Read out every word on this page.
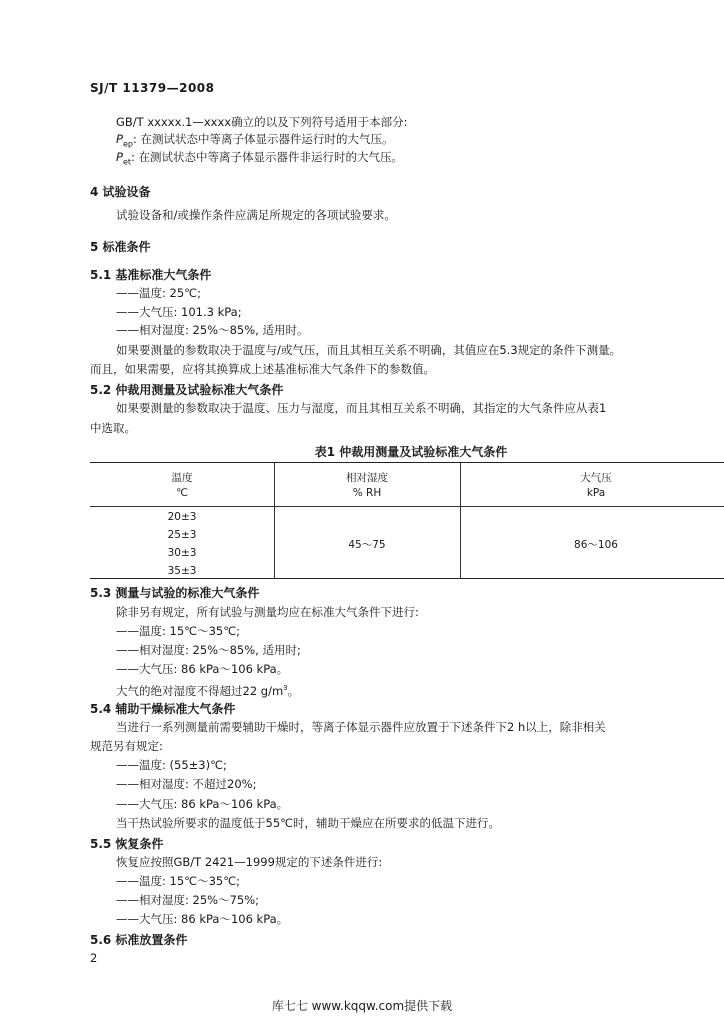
SJ/T 11379—2008
GB/T xxxxx.1—xxxx确立的以及下列符号适用于本部分:
$P_{ep}$: 在测试状态中等离子体显示器件运行时的大气压。
$P_{et}$: 在测试状态中等离子体显示器件非运行时的大气压。
4 试验设备
试验设备和/或操作条件应满足所规定的各项试验要求。
5 标准条件
5.1 基准标准大气条件
——温度: 25℃;
——大气压: 101.3 kPa;
——相对湿度: 25%～85%, 适用时。
如果要测量的参数取决于温度与/或气压，而且其相互关系不明确，其值应在5.3规定的条件下测量。
而且，如果需要，应将其换算成上述基准标准大气条件下的参数值。
5.2 仲裁用测量及试验标准大气条件
如果要测量的参数取决于温度、压力与湿度，而且其相互关系不明确，其指定的大气条件应从表1
中选取。
表1 仲裁用测量及试验标准大气条件
温度
℃
相对湿度
% RH
大气压
kPa
20±3
25±3
30±3
35±3
45～75	86～106
5.3 测量与试验的标准大气条件
除非另有规定，所有试验与测量均应在标准大气条件下进行:
——温度: 15℃～35℃;
——相对湿度: 25%～85%, 适用时;
——大气压: 86 kPa～106 kPa。
大气的绝对湿度不得超过22 $g/m^3$。
5.4 辅助干燥标准大气条件
当进行一系列测量前需要辅助干燥时，等离子体显示器件应放置于下述条件下2 h以上，除非相关
规范另有规定:
——温度: (55±3)℃;
——相对湿度: 不超过20%;
——大气压: 86 kPa～106 kPa。
当干热试验所要求的温度低于55℃时，辅助干燥应在所要求的低温下进行。
5.5 恢复条件
恢复应按照GB/T 2421—1999规定的下述条件进行:
——温度: 15℃～35℃;
——相对湿度: 25%～75%;
——大气压: 86 kPa～106 kPa。
5.6 标准放置条件
2
库七七 www.kqqw.com提供下载
